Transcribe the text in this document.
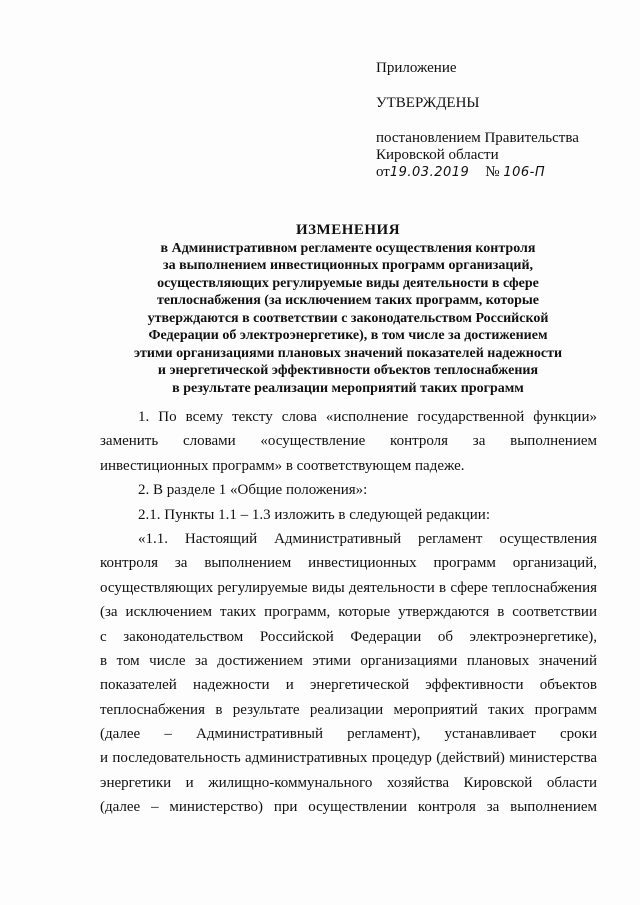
Приложение
УТВЕРЖДЕНЫ
постановлением Правительства
Кировской области
от19.03.2019 № 106-П
ИЗМЕНЕНИЯ
в Административном регламенте осуществления контроля
за выполнением инвестиционных программ организаций,
осуществляющих регулируемые виды деятельности в сфере
теплоснабжения (за исключением таких программ, которые
утверждаются в соответствии с законодательством Российской
Федерации об электроэнергетике), в том числе за достижением
этими организациями плановых значений показателей надежности
и энергетической эффективности объектов теплоснабжения
в результате реализации мероприятий таких программ
1. По всему тексту слова «исполнение государственной функции»
заменить словами «осуществление контроля за выполнением
инвестиционных программ» в соответствующем падеже.
2. В разделе 1 «Общие положения»:
2.1. Пункты 1.1 – 1.3 изложить в следующей редакции:
«1.1. Настоящий Административный регламент осуществления
контроля за выполнением инвестиционных программ организаций,
осуществляющих регулируемые виды деятельности в сфере теплоснабжения
(за исключением таких программ, которые утверждаются в соответствии
с законодательством Российской Федерации об электроэнергетике),
в том числе за достижением этими организациями плановых значений
показателей надежности и энергетической эффективности объектов
теплоснабжения в результате реализации мероприятий таких программ
(далее – Административный регламент), устанавливает сроки
и последовательность административных процедур (действий) министерства
энергетики и жилищно-коммунального хозяйства Кировской области
(далее – министерство) при осуществлении контроля за выполнением
